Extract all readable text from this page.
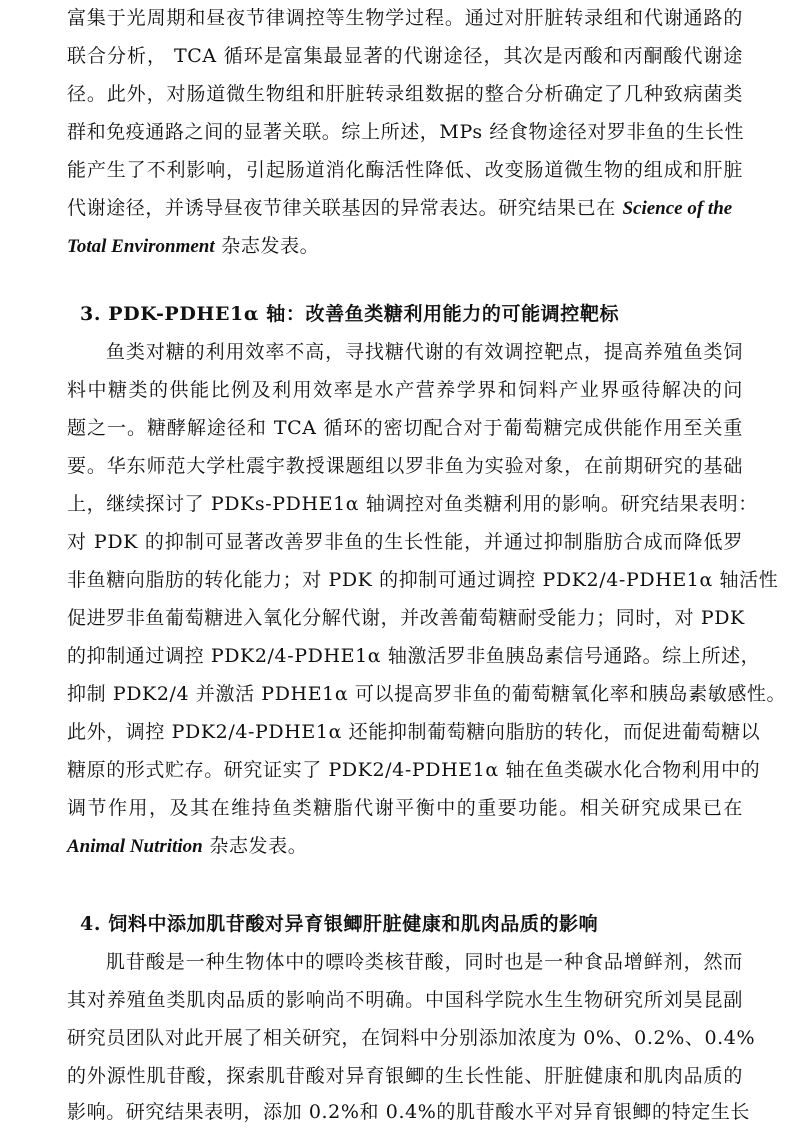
富集于光周期和昼夜节律调控等生物学过程。通过对肝脏转录组和代谢通路的
联合分析， TCA 循环是富集最显著的代谢途径，其次是丙酸和丙酮酸代谢途
径。此外，对肠道微生物组和肝脏转录组数据的整合分析确定了几种致病菌类
群和免疫通路之间的显著关联。综上所述，MPs 经食物途径对罗非鱼的生长性
能产生了不利影响，引起肠道消化酶活性降低、改变肠道微生物的组成和肝脏
代谢途径，并诱导昼夜节律关联基因的异常表达。研究结果已在 Science of the
Total Environment 杂志发表。
3. PDK-PDHE1α 轴：改善鱼类糖利用能力的可能调控靶标
鱼类对糖的利用效率不高，寻找糖代谢的有效调控靶点，提高养殖鱼类饲
料中糖类的供能比例及利用效率是水产营养学界和饲料产业界亟待解决的问
题之一。糖酵解途径和 TCA 循环的密切配合对于葡萄糖完成供能作用至关重
要。华东师范大学杜震宇教授课题组以罗非鱼为实验对象，在前期研究的基础
上，继续探讨了 PDKs-PDHE1α 轴调控对鱼类糖利用的影响。研究结果表明：
对 PDK 的抑制可显著改善罗非鱼的生长性能，并通过抑制脂肪合成而降低罗
非鱼糖向脂肪的转化能力；对 PDK 的抑制可通过调控 PDK2/4-PDHE1α 轴活性
促进罗非鱼葡萄糖进入氧化分解代谢，并改善葡萄糖耐受能力；同时，对 PDK
的抑制通过调控 PDK2/4-PDHE1α 轴激活罗非鱼胰岛素信号通路。综上所述，
抑制 PDK2/4 并激活 PDHE1α 可以提高罗非鱼的葡萄糖氧化率和胰岛素敏感性。
此外，调控 PDK2/4-PDHE1α 还能抑制葡萄糖向脂肪的转化，而促进葡萄糖以
糖原的形式贮存。研究证实了 PDK2/4-PDHE1α 轴在鱼类碳水化合物利用中的
调节作用，及其在维持鱼类糖脂代谢平衡中的重要功能。相关研究成果已在
Animal Nutrition 杂志发表。
4. 饲料中添加肌苷酸对异育银鲫肝脏健康和肌肉品质的影响
肌苷酸是一种生物体中的嘌呤类核苷酸，同时也是一种食品增鲜剂，然而
其对养殖鱼类肌肉品质的影响尚不明确。中国科学院水生生物研究所刘昊昆副
研究员团队对此开展了相关研究，在饲料中分别添加浓度为 0%、0.2%、0.4%
的外源性肌苷酸，探索肌苷酸对异育银鲫的生长性能、肝脏健康和肌肉品质的
影响。研究结果表明，添加 0.2%和 0.4%的肌苷酸水平对异育银鲫的特定生长
